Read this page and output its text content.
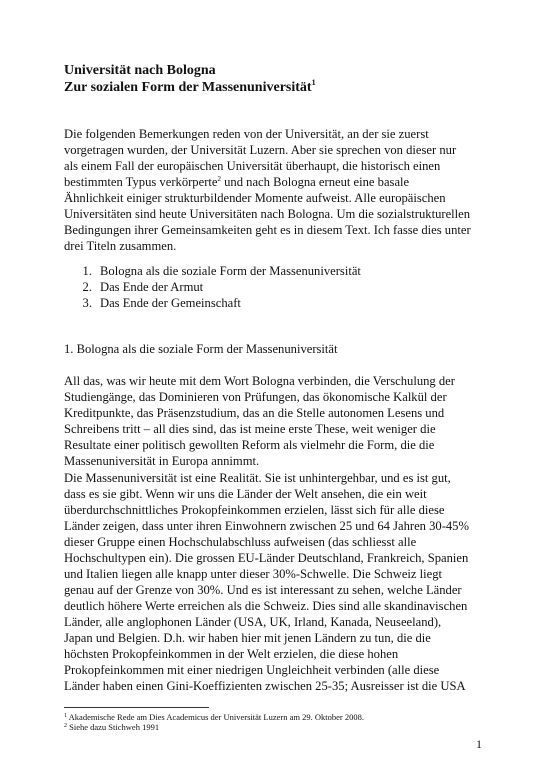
Universität nach Bologna
Zur sozialen Form der Massenuniversität$^1$

Die folgenden Bemerkungen reden von der Universität, an der sie zuerst
vorgetragen wurden, der Universität Luzern. Aber sie sprechen von dieser nur
als einem Fall der europäischen Universität überhaupt, die historisch einen
bestimmten Typus verkörperte$^2$ und nach Bologna erneut eine basale
Ähnlichkeit einiger strukturbildender Momente aufweist. Alle europäischen
Universitäten sind heute Universitäten nach Bologna. Um die sozialstrukturellen
Bedingungen ihrer Gemeinsamkeiten geht es in diesem Text. Ich fasse dies unter
drei Titeln zusammen.

1. Bologna als die soziale Form der Massenuniversität
2. Das Ende der Armut
3. Das Ende der Gemeinschaft
1. Bologna als die soziale Form der Massenuniversität

All das, was wir heute mit dem Wort Bologna verbinden, die Verschulung der
Studiengänge, das Dominieren von Prüfungen, das ökonomische Kalkül der
Kreditpunkte, das Präsenzstudium, das an die Stelle autonomen Lesens und
Schreibens tritt – all dies sind, das ist meine erste These, weit weniger die
Resultate einer politisch gewollten Reform als vielmehr die Form, die die
Massenuniversität in Europa annimmt.

Die Massenuniversität ist eine Realität. Sie ist unhintergehbar, und es ist gut,
dass es sie gibt. Wenn wir uns die Länder der Welt ansehen, die ein weit
überdurchschnittliches Prokopfeinkommen erzielen, lässt sich für alle diese
Länder zeigen, dass unter ihren Einwohnern zwischen 25 und 64 Jahren 30-45%
dieser Gruppe einen Hochschulabschluss aufweisen (das schliesst alle
Hochschultypen ein). Die grossen EU-Länder Deutschland, Frankreich, Spanien
und Italien liegen alle knapp unter dieser 30%-Schwelle. Die Schweiz liegt
genau auf der Grenze von 30%. Und es ist interessant zu sehen, welche Länder
deutlich höhere Werte erreichen als die Schweiz. Dies sind alle skandinavischen
Länder, alle anglophonen Länder (USA, UK, Irland, Kanada, Neuseeland),
Japan und Belgien. D.h. wir haben hier mit jenen Ländern zu tun, die die
höchsten Prokopfeinkommen in der Welt erzielen, die diese hohen
Prokopfeinkommen mit einer niedrigen Ungleichheit verbinden (alle diese
Länder haben einen Gini-Koeffizienten zwischen 25-35; Ausreisser ist die USA

$^1$ Akademische Rede am Dies Academicus der Universität Luzern am 29. Oktober 2008.

$^2$ Siehe dazu Stichweh 1991

1
